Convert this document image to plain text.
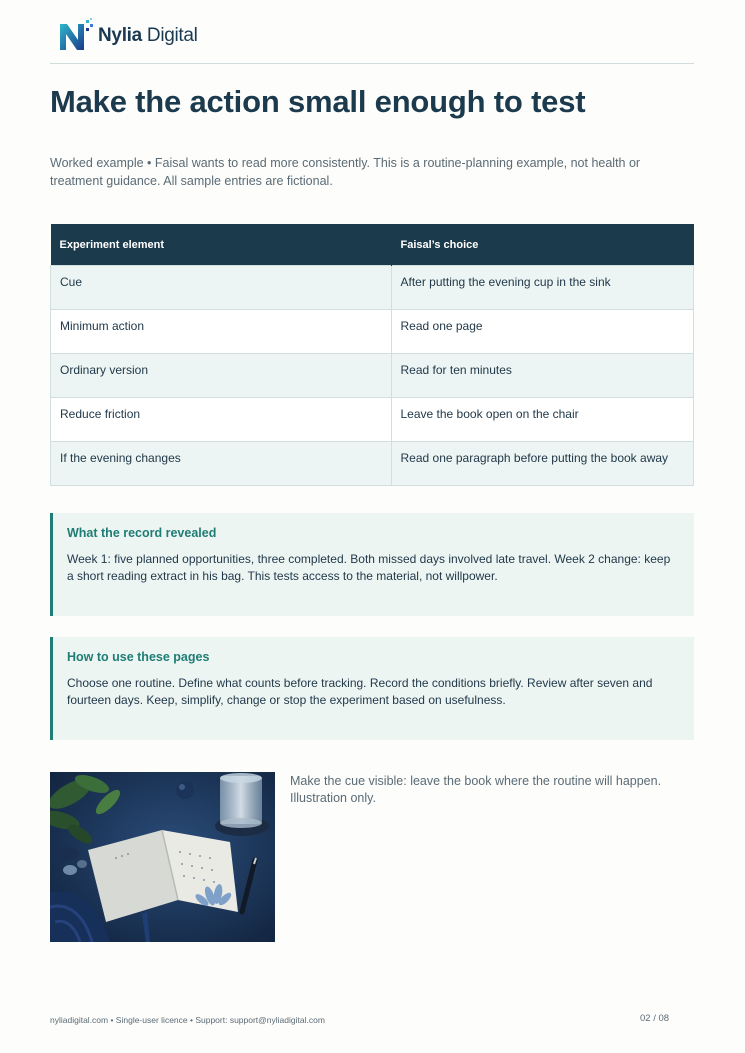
Nylia Digital
Make the action small enough to test

Worked example • Faisal wants to read more consistently. This is a routine-planning example, not health or treatment guidance. All sample entries are fictional.

Experiment element	Faisal’s choice
Cue	After putting the evening cup in the sink
Minimum action	Read one page
Ordinary version	Read for ten minutes
Reduce friction	Leave the book open on the chair
If the evening changes	Read one paragraph before putting the book away

What the record revealed

Week 1: five planned opportunities, three completed. Both missed days involved late travel. Week 2 change: keep a short reading extract in his bag. This tests access to the material, not willpower.

How to use these pages

Choose one routine. Define what counts before tracking. Record the conditions briefly. Review after seven and fourteen days. Keep, simplify, change or stop the experiment based on usefulness.

Make the cue visible: leave the book where the routine will happen. Illustration only.

nyliadigital.com • Single-user licence • Support: support@nyliadigital.com	02 / 08
